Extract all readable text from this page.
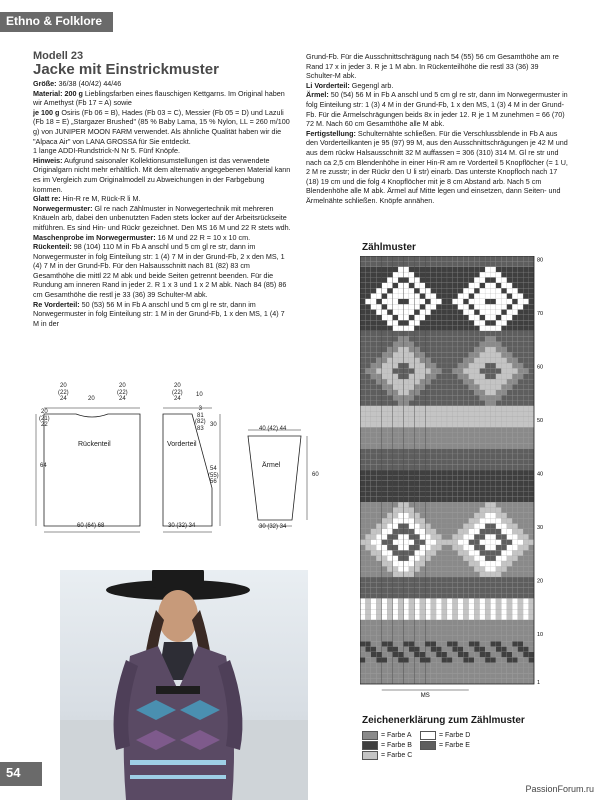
Ethno & Folklore

Modell 23

Jacke mit Einstrickmuster

Größe: 36/38 (40/42) 44/46

Material: 200 g Lieblingsfarben eines flauschigen Kettgarns. Im Original haben wir Amethyst (Fb 17 = A) sowie

je 100 g Osiris (Fb 06 = B), Hades (Fb 03 = C), Messier (Fb 05 = D) und Lazuli (Fb 18 = E) „Stargazer Brushed" (85 % Baby Lama, 15 % Nylon, LL = 260 m/100 g) von JUNIPER MOON FARM verwendet. Als ähnliche Qualität haben wir die "Alpaca Air" von LANA GROSSA für Sie entdeckt.

1 lange ADDI-Rundstrick-N Nr 5. Fünf Knöpfe.

Hinweis: Aufgrund saisonaler Kollektionsumstellungen ist das verwendete Originalgarn nicht mehr erhältlich. Mit dem alternativ angegebenen Material kann es im Vergleich zum Originalmodell zu Abweichungen in der Farbgebung kommen.

Glatt re: Hin-R re M, Rück-R li M.

Norwegermuster: Gl re nach Zählmuster in Norwegertechnik mit mehreren Knäueln arb, dabei den unbenutzten Faden stets locker auf der Arbeitsrückseite mitführen. Es sind Hin- und Rückr gezeichnet. Den MS 16 M und 22 R stets wdh.

Maschenprobe im Norwegermuster: 16 M und 22 R = 10 x 10 cm.

Rückenteil: 98 (104) 110 M in Fb A anschl und 5 cm gl re str, dann im Norwegermuster in folg Einteilung str: 1 (4) 7 M in der Grund-Fb, 2 x den MS, 1 (4) 7 M in der Grund-Fb. Für den Halsausschnitt nach 81 (82) 83 cm Gesamthöhe die mittl 22 M abk und beide Seiten getrennt beenden. Für die Rundung am inneren Rand in jeder 2. R 1 x 3 und 1 x 2 M abk. Nach 84 (85) 86 cm Gesamthöhe die restl je 33 (36) 39 Schulter-M abk.

Re Vorderteil: 50 (53) 56 M in Fb A anschl und 5 cm gl re str, dann im Norwegermuster in folg Einteilung str: 1 M in der Grund-Fb, 1 x den MS, 1 (4) 7 M in der

Grund-Fb. Für die Ausschnittschrägung nach 54 (55) 56 cm Gesamthöhe am re Rand 17 x in jeder 3. R je 1 M abn. In Rückenteilhöhe die restl 33 (36) 39 Schulter-M abk.

Li Vorderteil: Gegengl arb.

Ärmel: 50 (54) 56 M in Fb A anschl und 5 cm gl re str, dann im Norwegermuster in folg Einteilung str: 1 (3) 4 M in der Grund-Fb, 1 x den MS, 1 (3) 4 M in der Grund-Fb. Für die Ärmelschrägungen beids 8x in jeder 12. R je 1 M zunehmen = 66 (70) 72 M. Nach 60 cm Gesamthöhe alle M abk.

Fertigstellung: Schulternähte schließen. Für die Verschlussblende in Fb A aus den Vorderteilkanten je 95 (97) 99 M, aus den Ausschnittschrägungen je 42 M und aus dem rückw Halsausschnitt 32 M auffassen = 306 (310) 314 M. Gl re str und nach ca 2,5 cm Blendenhöhe in einer Hin-R am re Vorderteil 5 Knopflöcher (= 1 U, 2 M re zusstr; in der Rückr den U li str) einarb. Das unterste Knopfloch nach 17 (18) 19 cm und die folg 4 Knopflöcher mit je 8 cm Abstand arb. Nach 5 cm Blendenhöhe alle M abk. Ärmel auf Mitte legen und einsetzen, dann Seiten- und Ärmelnähte schließen. Knöpfe annähen.

Rückenteil	Vorderteil
Ärmel
20
(22)
24	20
20
(22)
24
20
(21)
22
64
60 (64) 68
20
(22)
24
10
3
81
(82)
83
30
54
(55)
56
30 (32) 34
40 (42) 44
60
30 (32) 34
Zählmuster
80
70
60
50
40
30
20
10
1
MS
Zeichenerklärung zum Zählmuster
= Farbe A
= Farbe B
= Farbe C
= Farbe D
= Farbe E
54
PassionForum.ru
